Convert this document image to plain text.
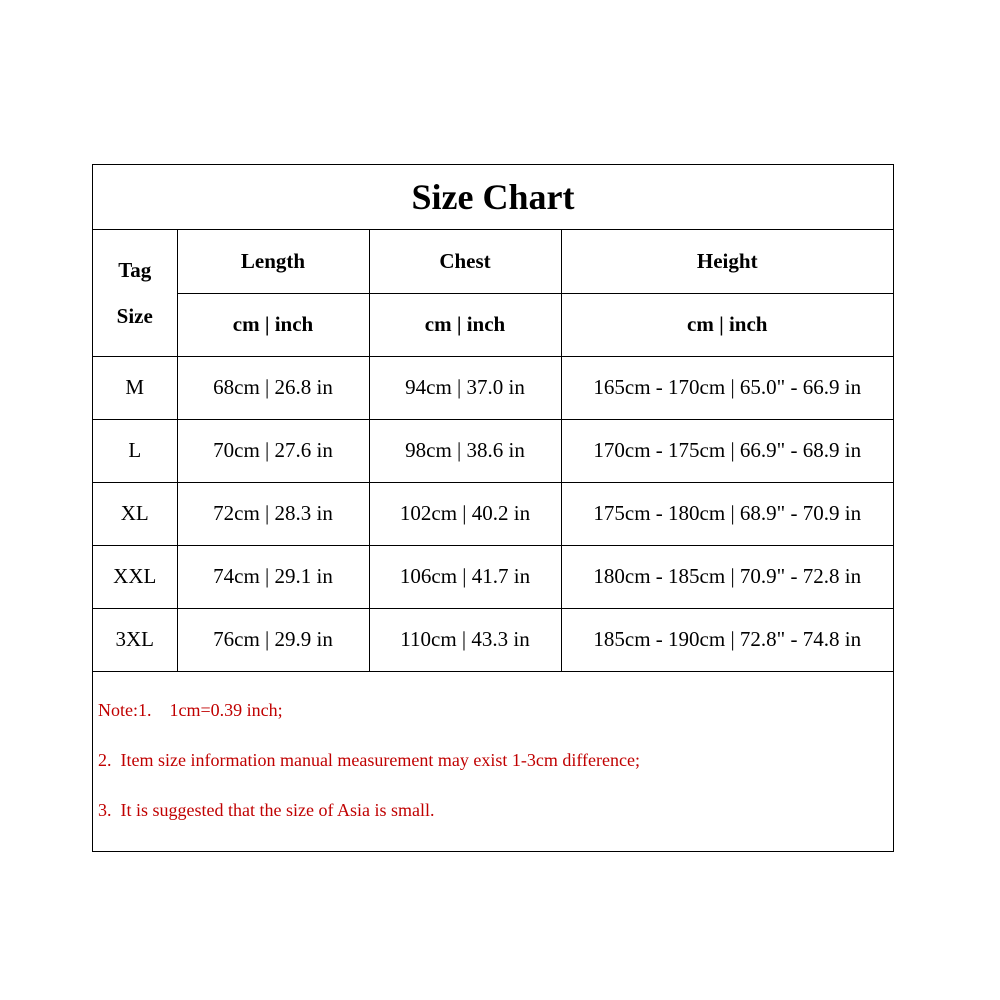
Size Chart
Tag
Size	Length	Chest	Height
	cm | inch	cm | inch	cm | inch
M	68cm | 26.8 in	94cm | 37.0 in	165cm - 170cm | 65.0" - 66.9 in
L	70cm | 27.6 in	98cm | 38.6 in	170cm - 175cm | 66.9" - 68.9 in
XL	72cm | 28.3 in	102cm | 40.2 in	175cm - 180cm | 68.9" - 70.9 in
XXL	74cm | 29.1 in	106cm | 41.7 in	180cm - 185cm | 70.9" - 72.8 in
3XL	76cm | 29.9 in	110cm | 43.3 in	185cm - 190cm | 72.8" - 74.8 in
Note:1.    1cm=0.39 inch;
2.  Item size information manual measurement may exist 1-3cm difference;
3.  It is suggested that the size of Asia is small.
